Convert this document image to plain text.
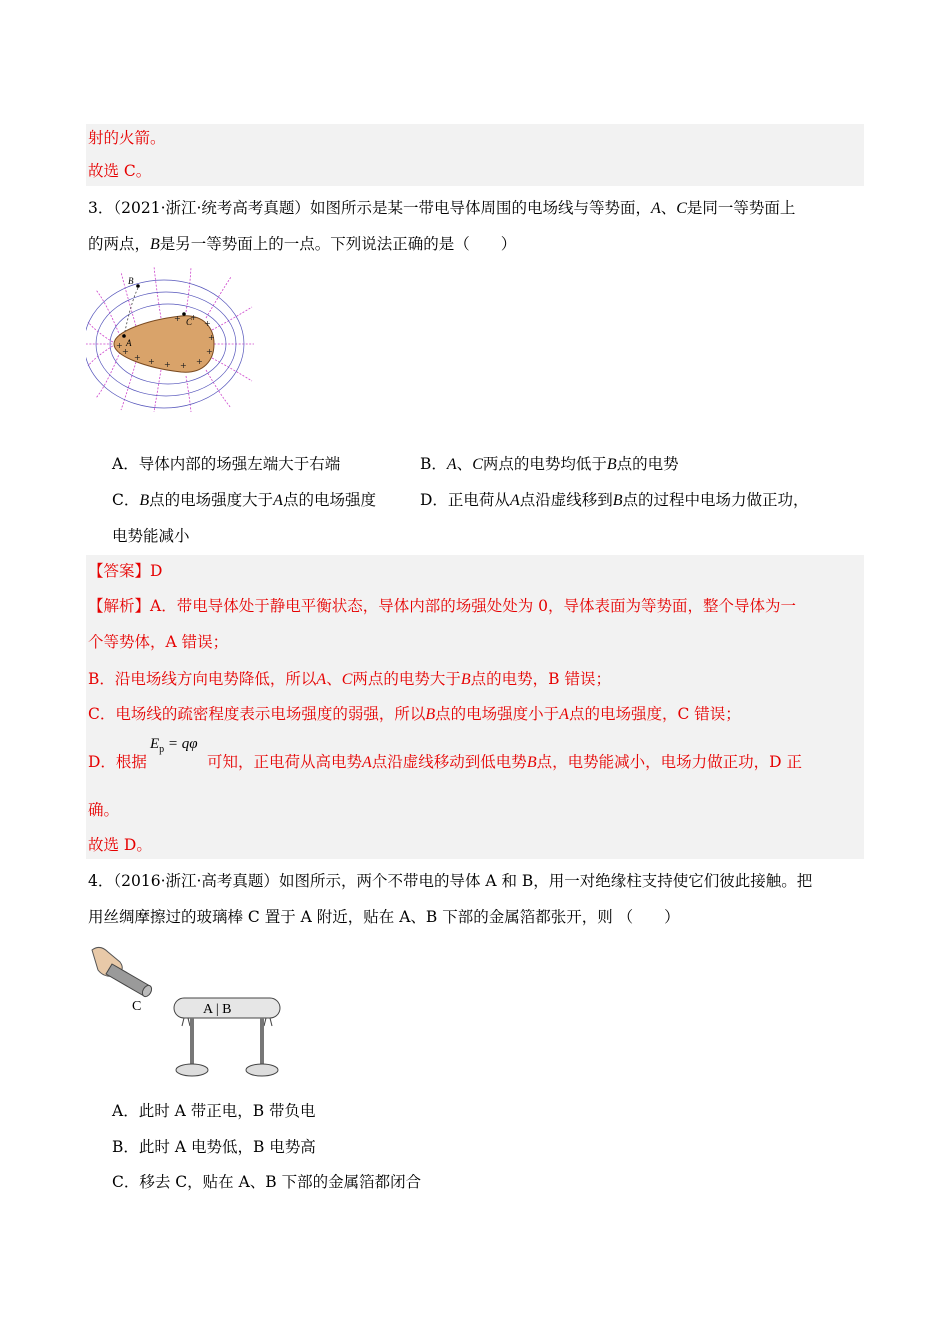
射的火箭。
故选 C。
3．（2021·浙江·统考高考真题）如图所示是某一带电导体周围的电场线与等势面，A、C是同一等势面上
的两点，B是另一等势面上的一点。下列说法正确的是（　　）
+
+
+ + + + +
+
+
+
+
+
B
C
A
A．导体内部的场强左端大于右端	B．A、C两点的电势均低于B点的电势
C．B点的电场强度大于A点的电场强度	D．正电荷从A点沿虚线移到B点的过程中电场力做正功，
电势能减小
【答案】D
【解析】A．带电导体处于静电平衡状态，导体内部的场强处处为 0，导体表面为等势面，整个导体为一
个等势体，A 错误；
B．沿电场线方向电势降低，所以A、C两点的电势大于B点的电势，B 错误；
C．电场线的疏密程度表示电场强度的弱强，所以B点的电场强度小于A点的电场强度，C 错误；
D．根据
$E_p = q\varphi$
可知，正电荷从高电势A点沿虚线移动到低电势B点，电势能减小，电场力做正功，D 正
确。
故选 D。
4．（2016·浙江·高考真题）如图所示，两个不带电的导体 A 和 B，用一对绝缘柱支持使它们彼此接触。把
用丝绸摩擦过的玻璃棒 C 置于 A 附近，贴在 A、B 下部的金属箔都张开，则 （　　）
C	A | B
A．此时 A 带正电，B 带负电
B．此时 A 电势低，B 电势高
C．移去 C，贴在 A、B 下部的金属箔都闭合
